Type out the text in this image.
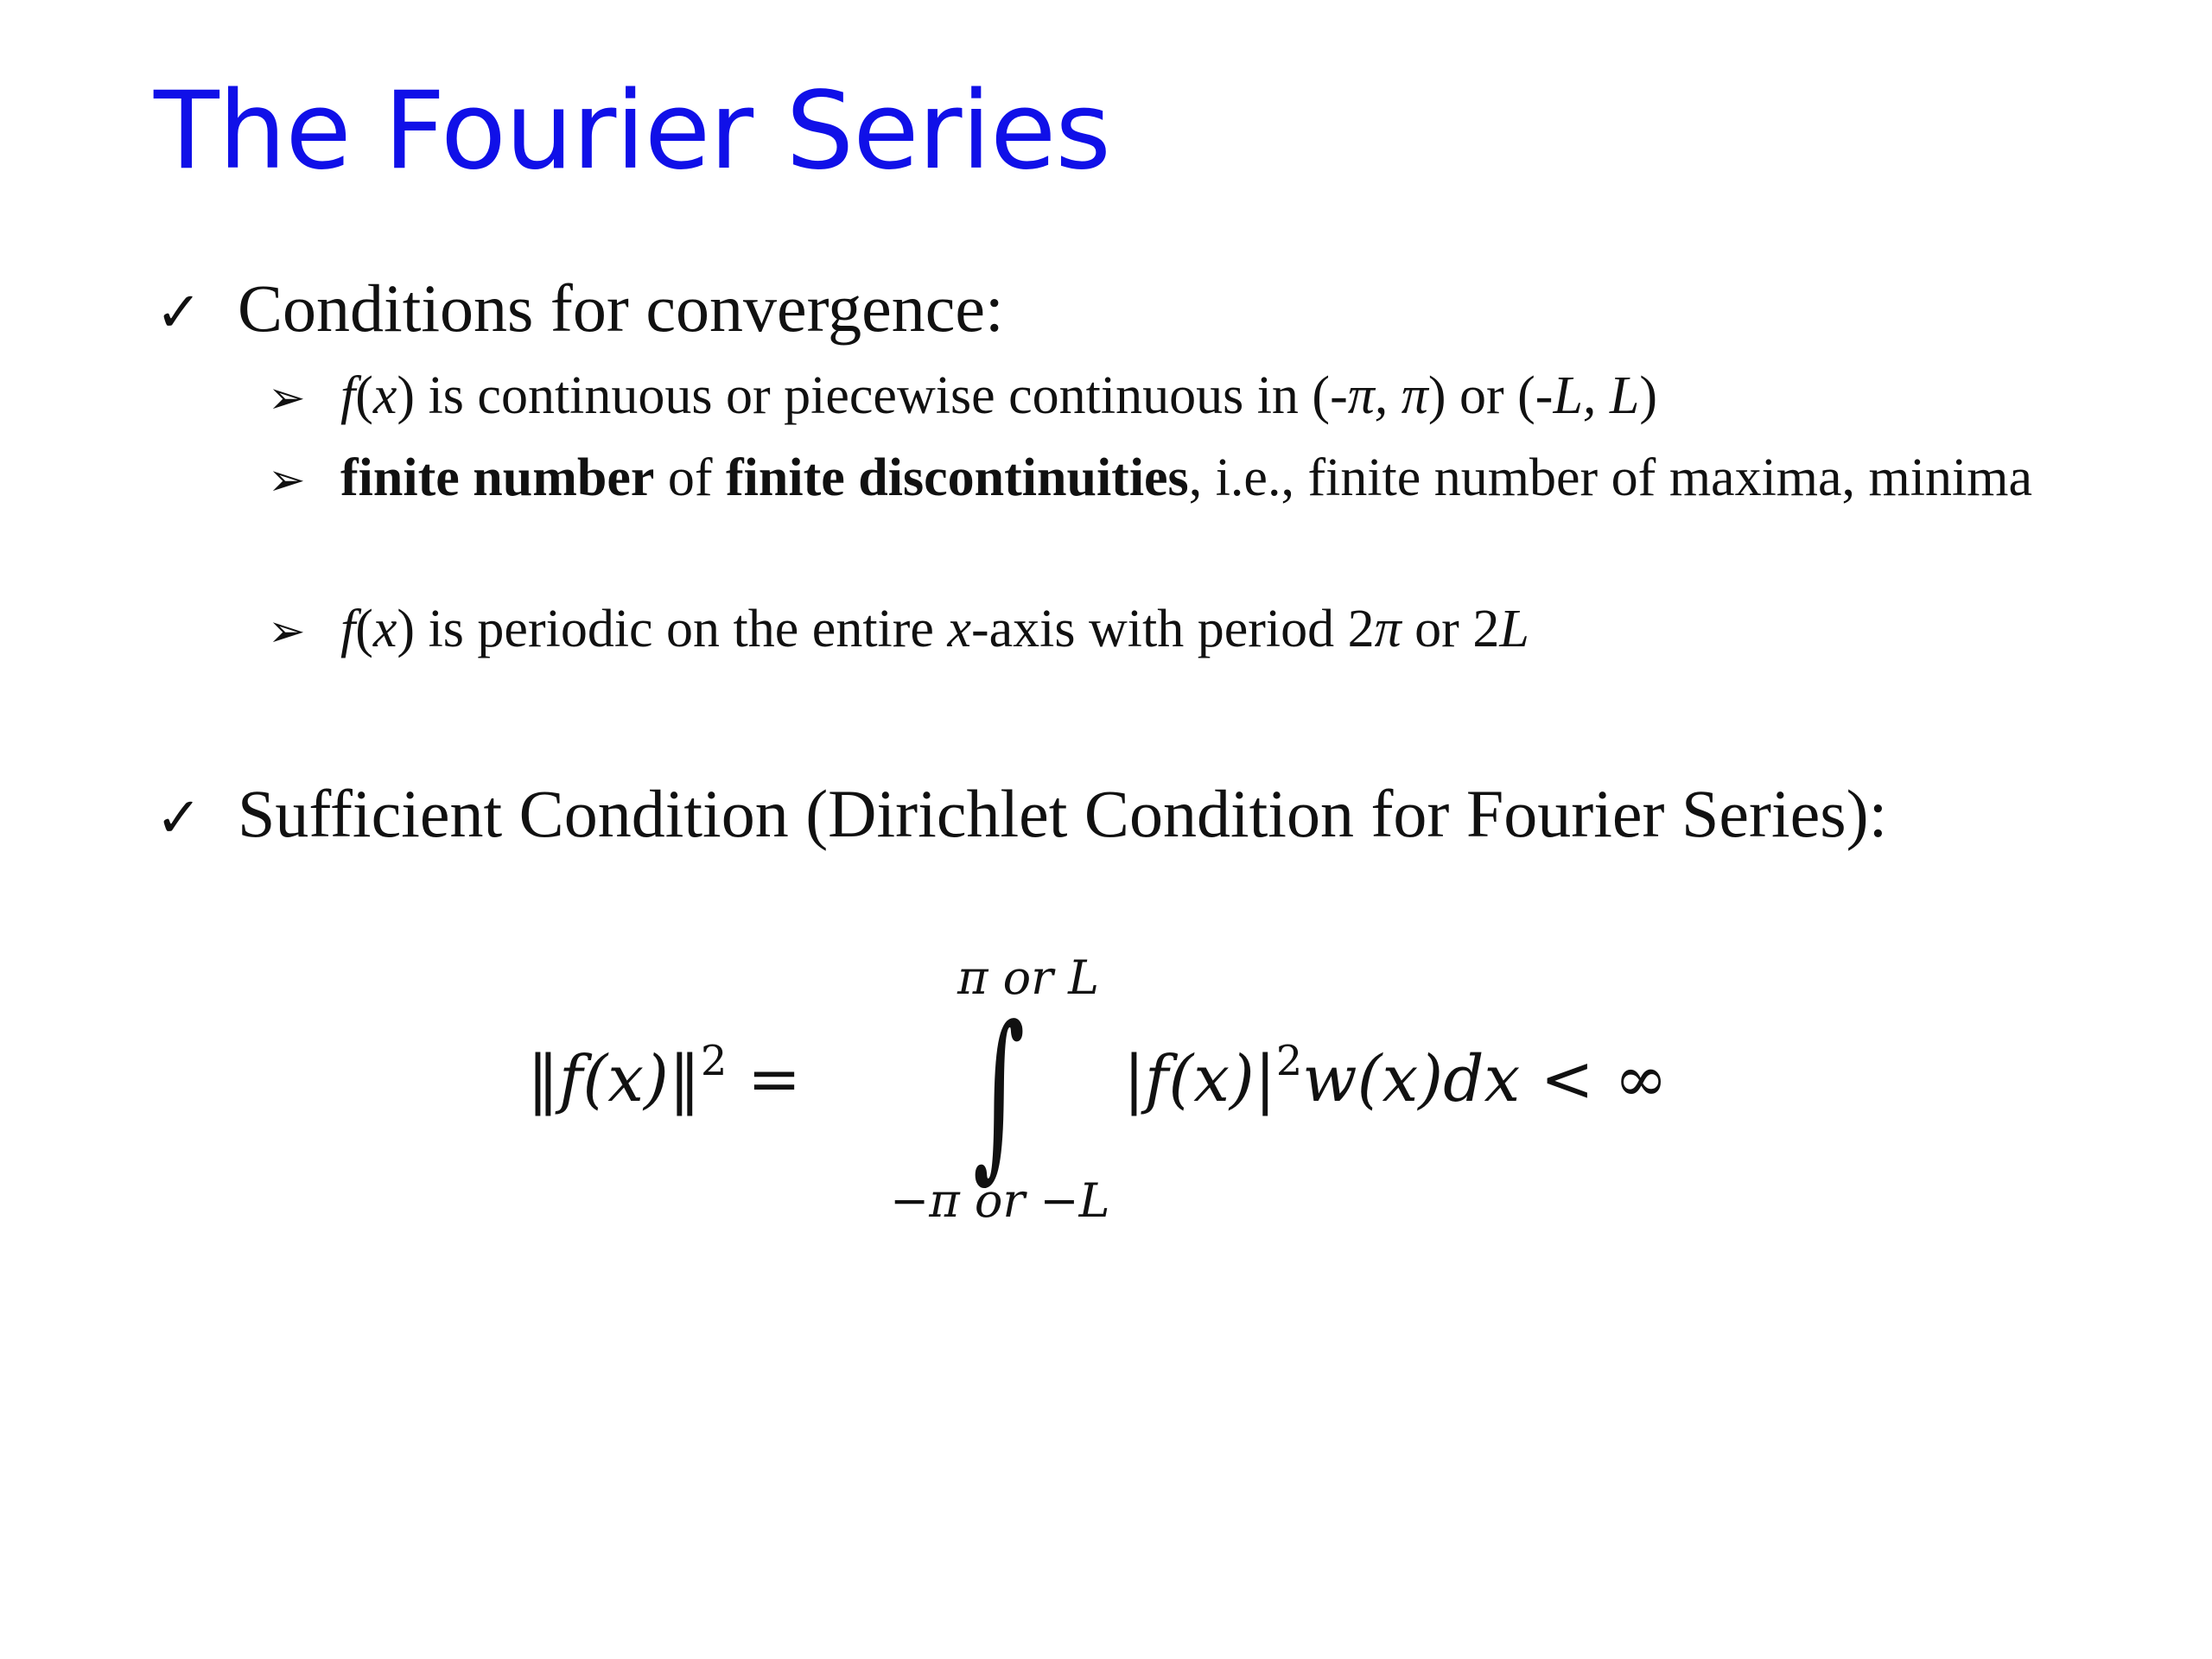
The Fourier Series
✓ Conditions for convergence:
➢ f(x) is continuous or piecewise continuous in (-π, π) or (-L, L)
➢ finite number of finite discontinuities, i.e., finite number of maxima, minima
➢ f(x) is periodic on the entire x-axis with period 2π or 2L
✓ Sufficient Condition (Dirichlet Condition for Fourier Series):
‖f(x)‖$^2$ =
π or L
∫
−π or −L
$|f(x)|^2w(x)dx$ < ∞
